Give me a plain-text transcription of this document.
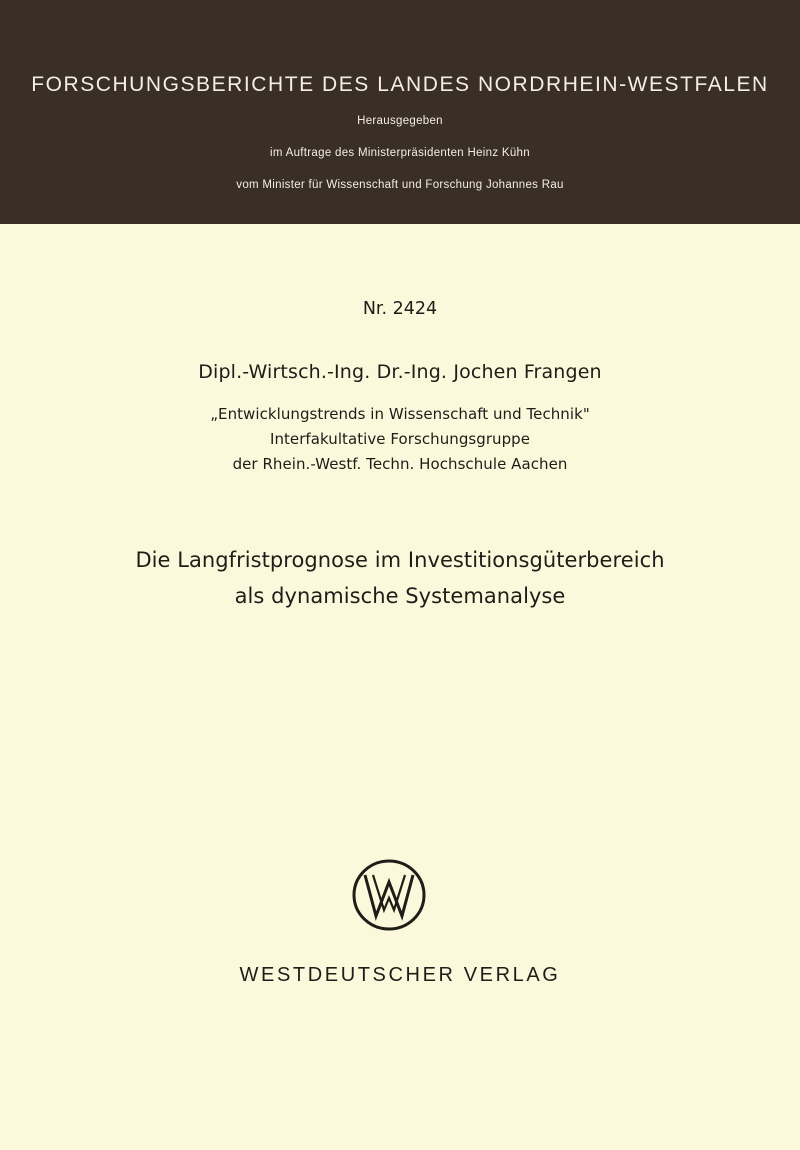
FORSCHUNGSBERICHTE DES LANDES NORDRHEIN-WESTFALEN
Herausgegeben
im Auftrage des Ministerpräsidenten Heinz Kühn
vom Minister für Wissenschaft und Forschung Johannes Rau
Nr. 2424
Dipl.-Wirtsch.-Ing. Dr.-Ing. Jochen Frangen
„Entwicklungstrends in Wissenschaft und Technik"
Interfakultative Forschungsgruppe
der Rhein.-Westf. Techn. Hochschule Aachen
Die Langfristprognose im Investitionsgüterbereich
als dynamische Systemanalyse
WESTDEUTSCHER VERLAG
